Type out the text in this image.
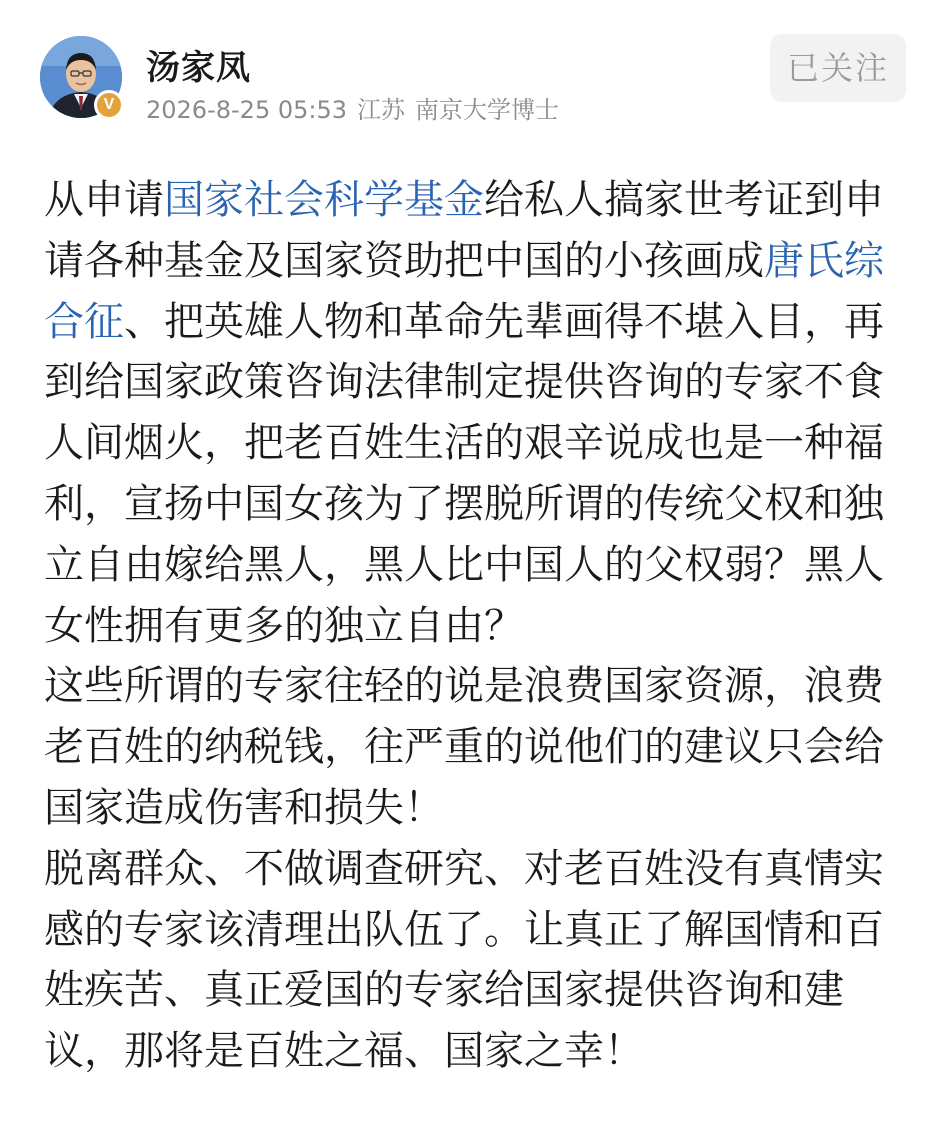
V
汤家凤
2026-8-25 05:53 江苏 南京大学博士
已关注
从申请国家社会科学基金给私人搞家世考证到申请各种基金及国家资助把中国的小孩画成唐氏综合征、把英雄人物和革命先辈画得不堪入目，再到给国家政策咨询法律制定提供咨询的专家不食人间烟火，把老百姓生活的艰辛说成也是一种福利，宣扬中国女孩为了摆脱所谓的传统父权和独立自由嫁给黑人，黑人比中国人的父权弱？黑人女性拥有更多的独立自由？
这些所谓的专家往轻的说是浪费国家资源，浪费老百姓的纳税钱，往严重的说他们的建议只会给国家造成伤害和损失！
脱离群众、不做调查研究、对老百姓没有真情实感的专家该清理出队伍了。让真正了解国情和百姓疾苦、真正爱国的专家给国家提供咨询和建议，那将是百姓之福、国家之幸！
